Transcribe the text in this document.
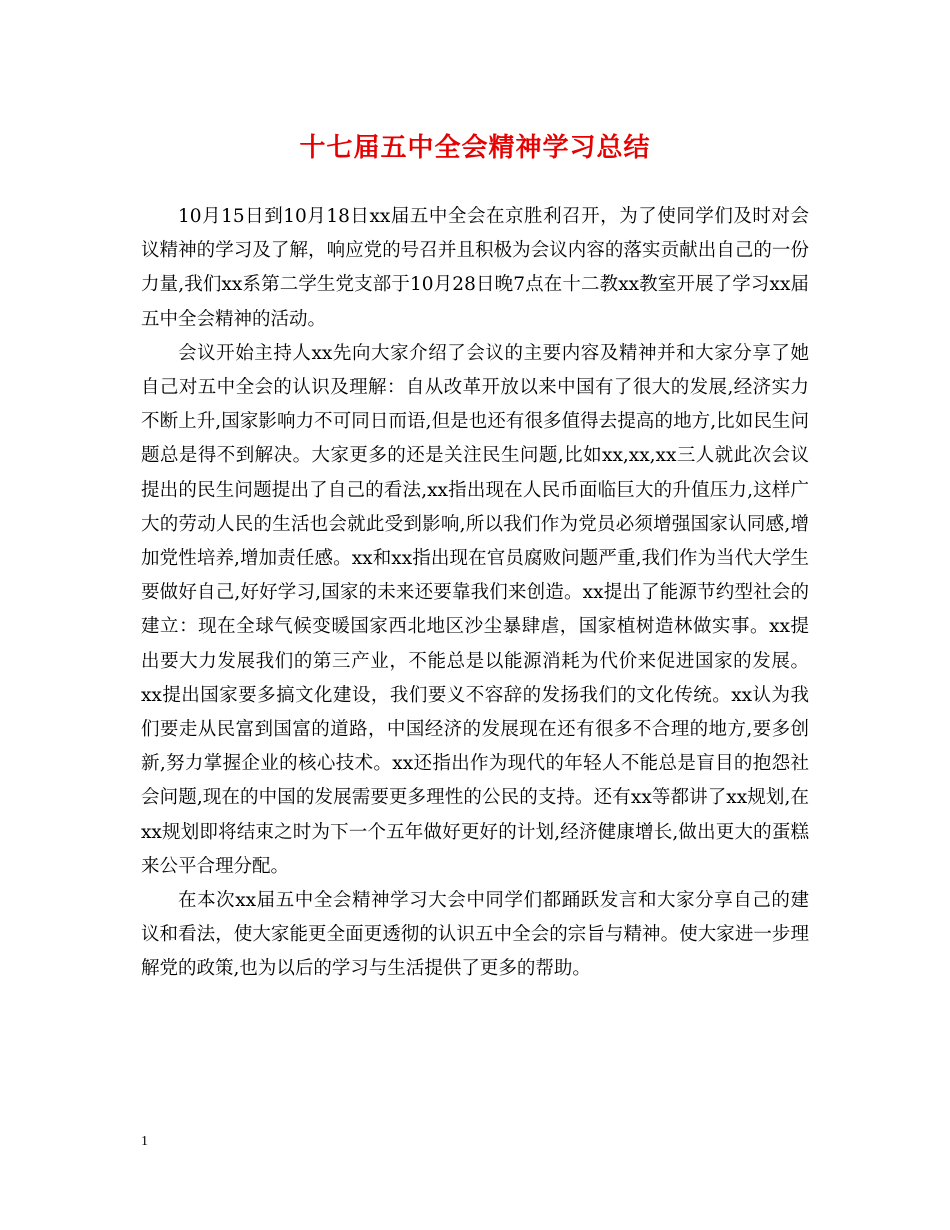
十七届五中全会精神学习总结

10月15日到10月18日xx届五中全会在京胜利召开，为了使同学们及时对会议精神的学习及了解，响应党的号召并且积极为会议内容的落实贡献出自己的一份力量,我们xx系第二学生党支部于10月28日晚7点在十二教xx教室开展了学习xx届五中全会精神的活动。

会议开始主持人xx先向大家介绍了会议的主要内容及精神并和大家分享了她自己对五中全会的认识及理解：自从改革开放以来中国有了很大的发展,经济实力不断上升,国家影响力不可同日而语,但是也还有很多值得去提高的地方,比如民生问题总是得不到解决。大家更多的还是关注民生问题,比如xx,xx,xx三人就此次会议提出的民生问题提出了自己的看法,xx指出现在人民币面临巨大的升值压力,这样广大的劳动人民的生活也会就此受到影响,所以我们作为党员必须增强国家认同感,增加党性培养,增加责任感。xx和xx指出现在官员腐败问题严重,我们作为当代大学生要做好自己,好好学习,国家的未来还要靠我们来创造。xx提出了能源节约型社会的建立：现在全球气候变暖国家西北地区沙尘暴肆虐，国家植树造林做实事。xx提出要大力发展我们的第三产业，不能总是以能源消耗为代价来促进国家的发展。xx提出国家要多搞文化建设，我们要义不容辞的发扬我们的文化传统。xx认为我们要走从民富到国富的道路，中国经济的发展现在还有很多不合理的地方,要多创新,努力掌握企业的核心技术。xx还指出作为现代的年轻人不能总是盲目的抱怨社会问题,现在的中国的发展需要更多理性的公民的支持。还有xx等都讲了xx规划,在xx规划即将结束之时为下一个五年做好更好的计划,经济健康增长,做出更大的蛋糕来公平合理分配。

在本次xx届五中全会精神学习大会中同学们都踊跃发言和大家分享自己的建议和看法，使大家能更全面更透彻的认识五中全会的宗旨与精神。使大家进一步理解党的政策,也为以后的学习与生活提供了更多的帮助。

1
